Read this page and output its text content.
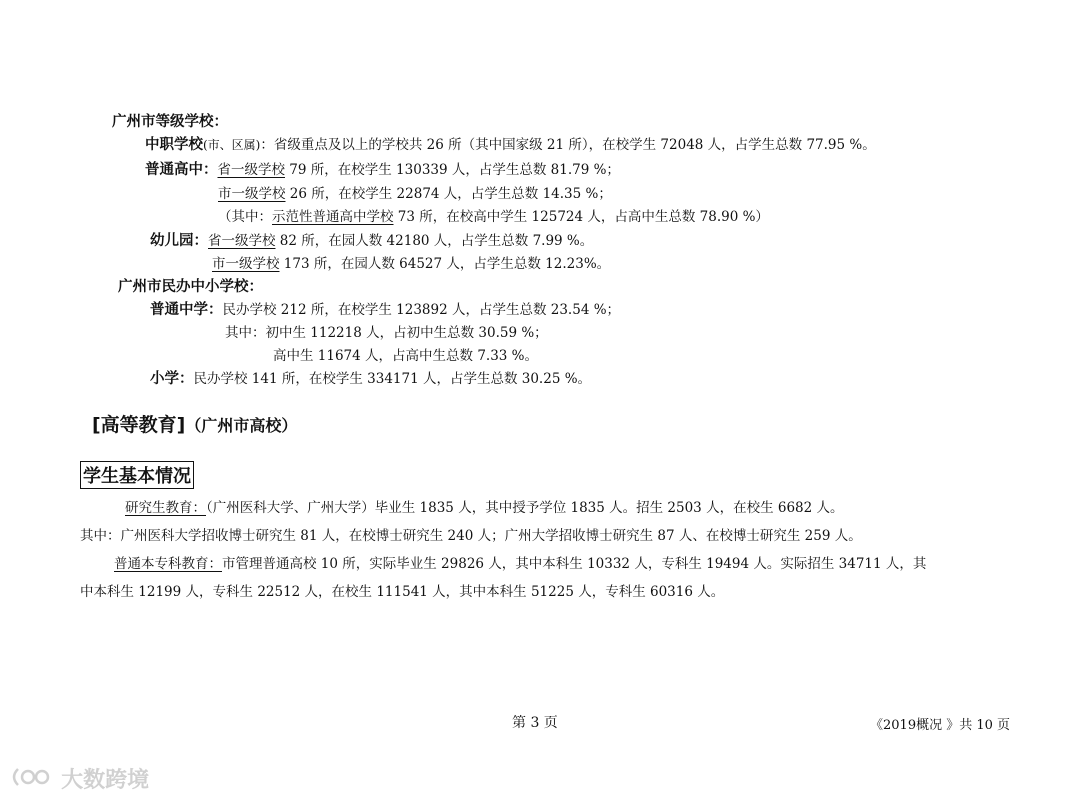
广州市等级学校：
中职学校(市、区属)：省级重点及以上的学校共 26 所（其中国家级 21 所），在校学生 72048 人，占学生总数 77.95 %。
普通高中：省一级学校 79 所，在校学生 130339 人，占学生总数 81.79 %；
市一级学校 26 所，在校学生 22874 人，占学生总数 14.35 %；
（其中：示范性普通高中学校 73 所，在校高中学生 125724 人，占高中生总数 78.90 %）
幼儿园：省一级学校 82 所，在园人数 42180 人，占学生总数 7.99 %。
市一级学校 173 所，在园人数 64527 人，占学生总数 12.23%。
广州市民办中小学校：
普通中学：民办学校 212 所，在校学生 123892 人，占学生总数 23.54 %；
其中：初中生 112218 人，占初中生总数 30.59 %；
高中生 11674 人，占高中生总数 7.33 %。
小学：民办学校 141 所，在校学生 334171 人，占学生总数 30.25 %。
[高等教育]（广州市高校）
学生基本情况
研究生教育：（广州医科大学、广州大学）毕业生 1835 人，其中授予学位 1835 人。招生 2503 人，在校生 6682 人。
其中：广州医科大学招收博士研究生 81 人，在校博士研究生 240 人；广州大学招收博士研究生 87 人、在校博士研究生 259 人。
普通本专科教育：市管理普通高校 10 所，实际毕业生 29826 人，其中本科生 10332 人，专科生 19494 人。实际招生 34711 人，其
中本科生 12199 人，专科生 22512 人，在校生 111541 人，其中本科生 51225 人，专科生 60316 人。
第 3 页	《2019概况 》共 10 页
大数跨境
